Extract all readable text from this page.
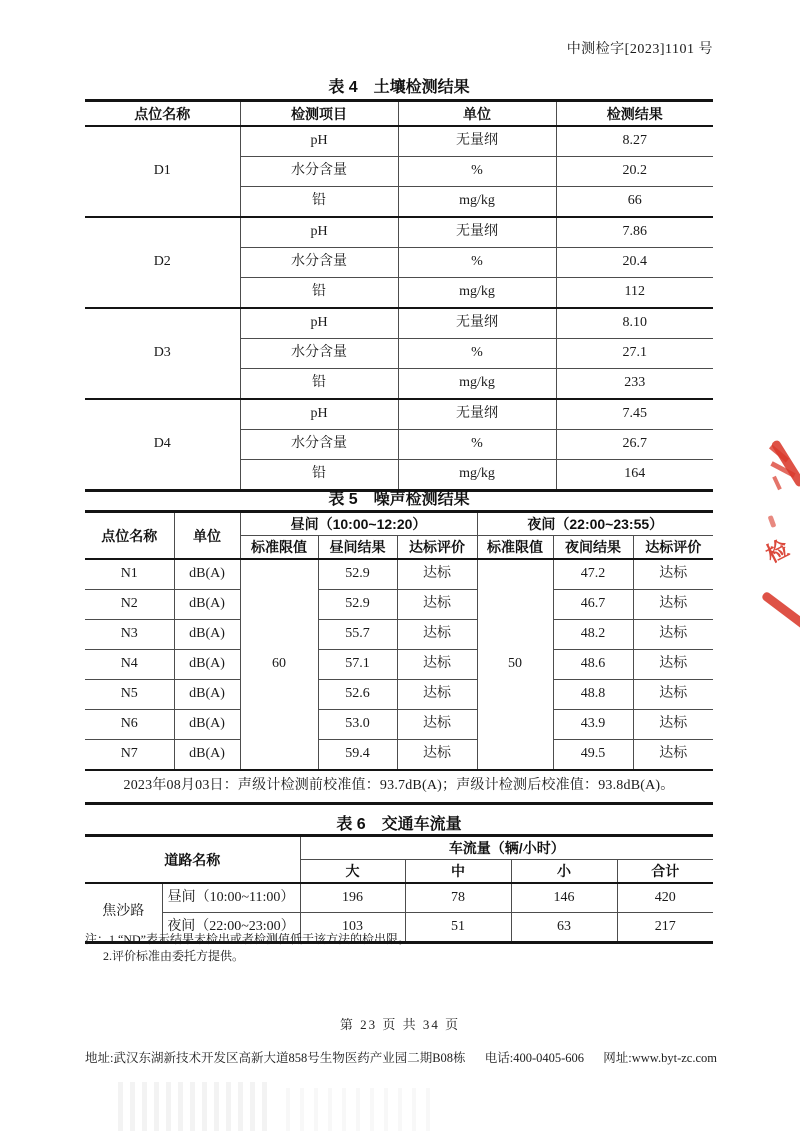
中测检字[2023]1101 号
表 4　土壤检测结果
点位名称	检测项目	单位	检测结果
D1	pH	无量纲	8.27
	水分含量	%	20.2
	铅	mg/kg	66
D2	pH	无量纲	7.86
	水分含量	%	20.4
	铅	mg/kg	112
D3	pH	无量纲	8.10
	水分含量	%	27.1
	铅	mg/kg	233
D4	pH	无量纲	7.45
	水分含量	%	26.7
	铅	mg/kg	164
表 5　噪声检测结果
点位名称	单位	昼间（10:00~12:20）			夜间（22:00~23:55）		
		标准限值	昼间结果	达标评价	标准限值	夜间结果	达标评价
N1	dB(A)	60	52.9	达标	50	47.2	达标
N2	dB(A)		52.9	达标		46.7	达标
N3	dB(A)		55.7	达标		48.2	达标
N4	dB(A)		57.1	达标		48.6	达标
N5	dB(A)		52.6	达标		48.8	达标
N6	dB(A)		53.0	达标		43.9	达标
N7	dB(A)		59.4	达标		49.5	达标
2023年08月03日：声级计检测前校准值：93.7dB(A)；声级计检测后校准值：93.8dB(A)。							
表 6　交通车流量
道路名称		车流量（辆/小时）			
		大	中	小	合计
焦沙路	昼间（10:00~11:00）	196	78	146	420
	夜间（22:00~23:00）	103	51	63	217
注：1.“ND”表示结果未检出或者检测值低于该方法的检出限。
2.评价标准由委托方提供。
第 23 页 共 34 页
地址:武汉东湖新技术开发区高新大道858号生物医药产业园二期B08栋 电话:400-0405-606 网址:www.byt-zc.com
检
